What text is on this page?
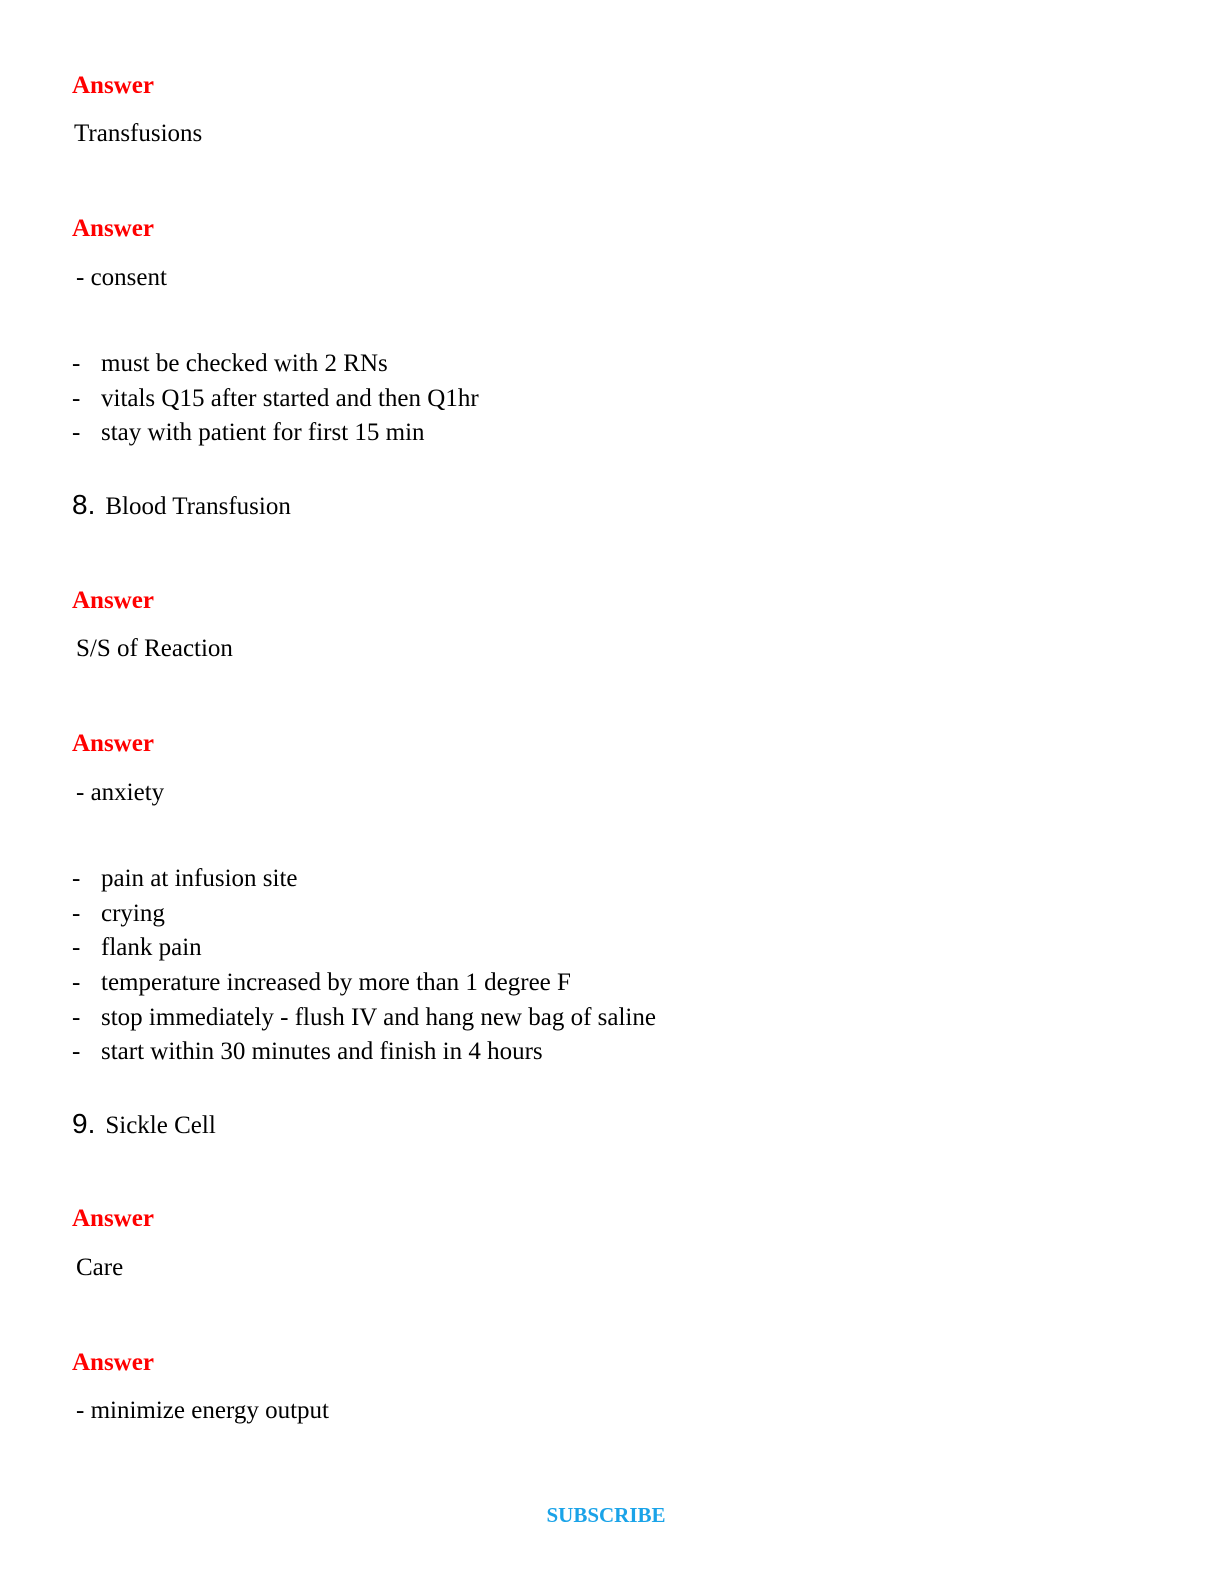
Answer
Transfusions
Answer
- consent
- must be checked with 2 RNs
- vitals Q15 after started and then Q1hr
- stay with patient for first 15 min
8. Blood Transfusion
Answer
S/S of Reaction
Answer
- anxiety
- pain at infusion site
- crying
- flank pain
- temperature increased by more than 1 degree F
- stop immediately - flush IV and hang new bag of saline
- start within 30 minutes and finish in 4 hours
9. Sickle Cell
Answer
Care
Answer
- minimize energy output
SUBSCRIBE
